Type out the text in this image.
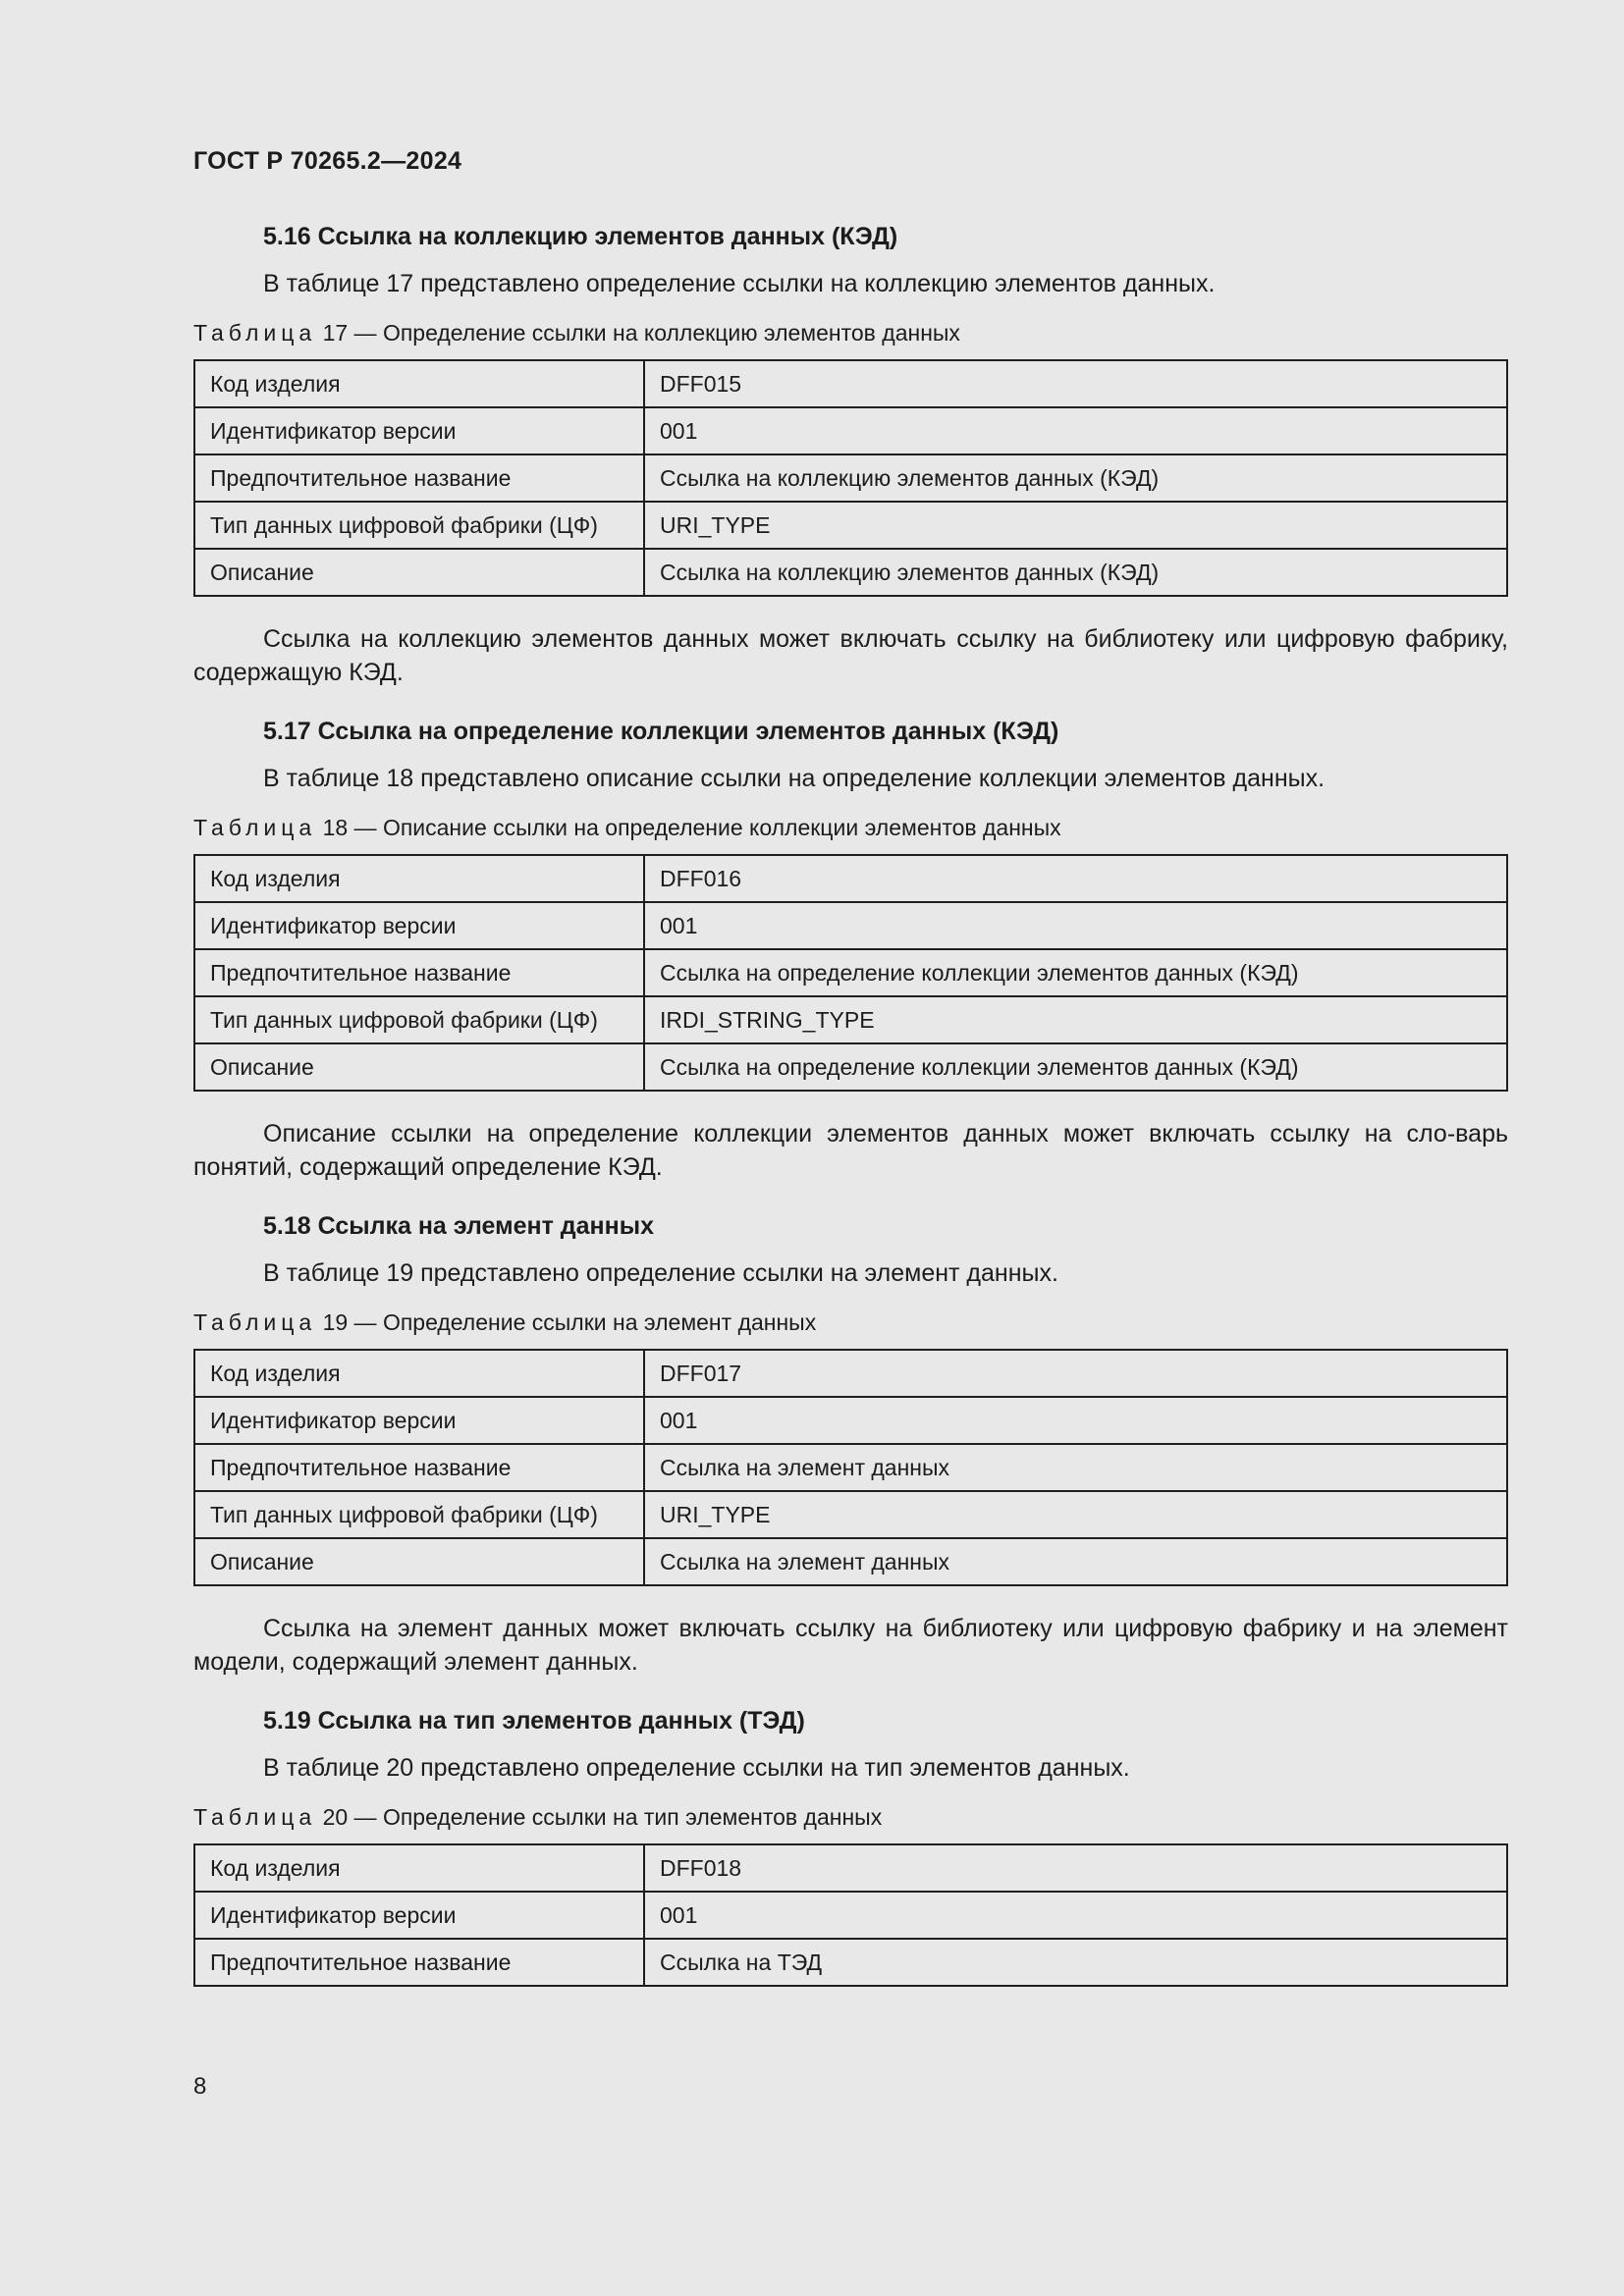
ГОСТ Р 70265.2—2024
5.16 Ссылка на коллекцию элементов данных (КЭД)

В таблице 17 представлено определение ссылки на коллекцию элементов данных.

Таблица 17 — Определение ссылки на коллекцию элементов данных
Код изделия	DFF015
Идентификатор версии	001
Предпочтительное название	Ссылка на коллекцию элементов данных (КЭД)
Тип данных цифровой фабрики (ЦФ)	URI_TYPE
Описание	Ссылка на коллекцию элементов данных (КЭД)

Ссылка на коллекцию элементов данных может включать ссылку на библиотеку или цифровую фабрику, содержащую КЭД.

5.17 Ссылка на определение коллекции элементов данных (КЭД)

В таблице 18 представлено описание ссылки на определение коллекции элементов данных.

Таблица 18 — Описание ссылки на определение коллекции элементов данных
Код изделия	DFF016
Идентификатор версии	001
Предпочтительное название	Ссылка на определение коллекции элементов данных (КЭД)
Тип данных цифровой фабрики (ЦФ)	IRDI_STRING_TYPE
Описание	Ссылка на определение коллекции элементов данных (КЭД)

Описание ссылки на определение коллекции элементов данных может включать ссылку на сло-варь понятий, содержащий определение КЭД.

5.18 Ссылка на элемент данных

В таблице 19 представлено определение ссылки на элемент данных.

Таблица 19 — Определение ссылки на элемент данных
Код изделия	DFF017
Идентификатор версии	001
Предпочтительное название	Ссылка на элемент данных
Тип данных цифровой фабрики (ЦФ)	URI_TYPE
Описание	Ссылка на элемент данных

Ссылка на элемент данных может включать ссылку на библиотеку или цифровую фабрику и на элемент модели, содержащий элемент данных.

5.19 Ссылка на тип элементов данных (ТЭД)

В таблице 20 представлено определение ссылки на тип элементов данных.

Таблица 20 — Определение ссылки на тип элементов данных
Код изделия	DFF018
Идентификатор версии	001
Предпочтительное название	Ссылка на ТЭД
8
